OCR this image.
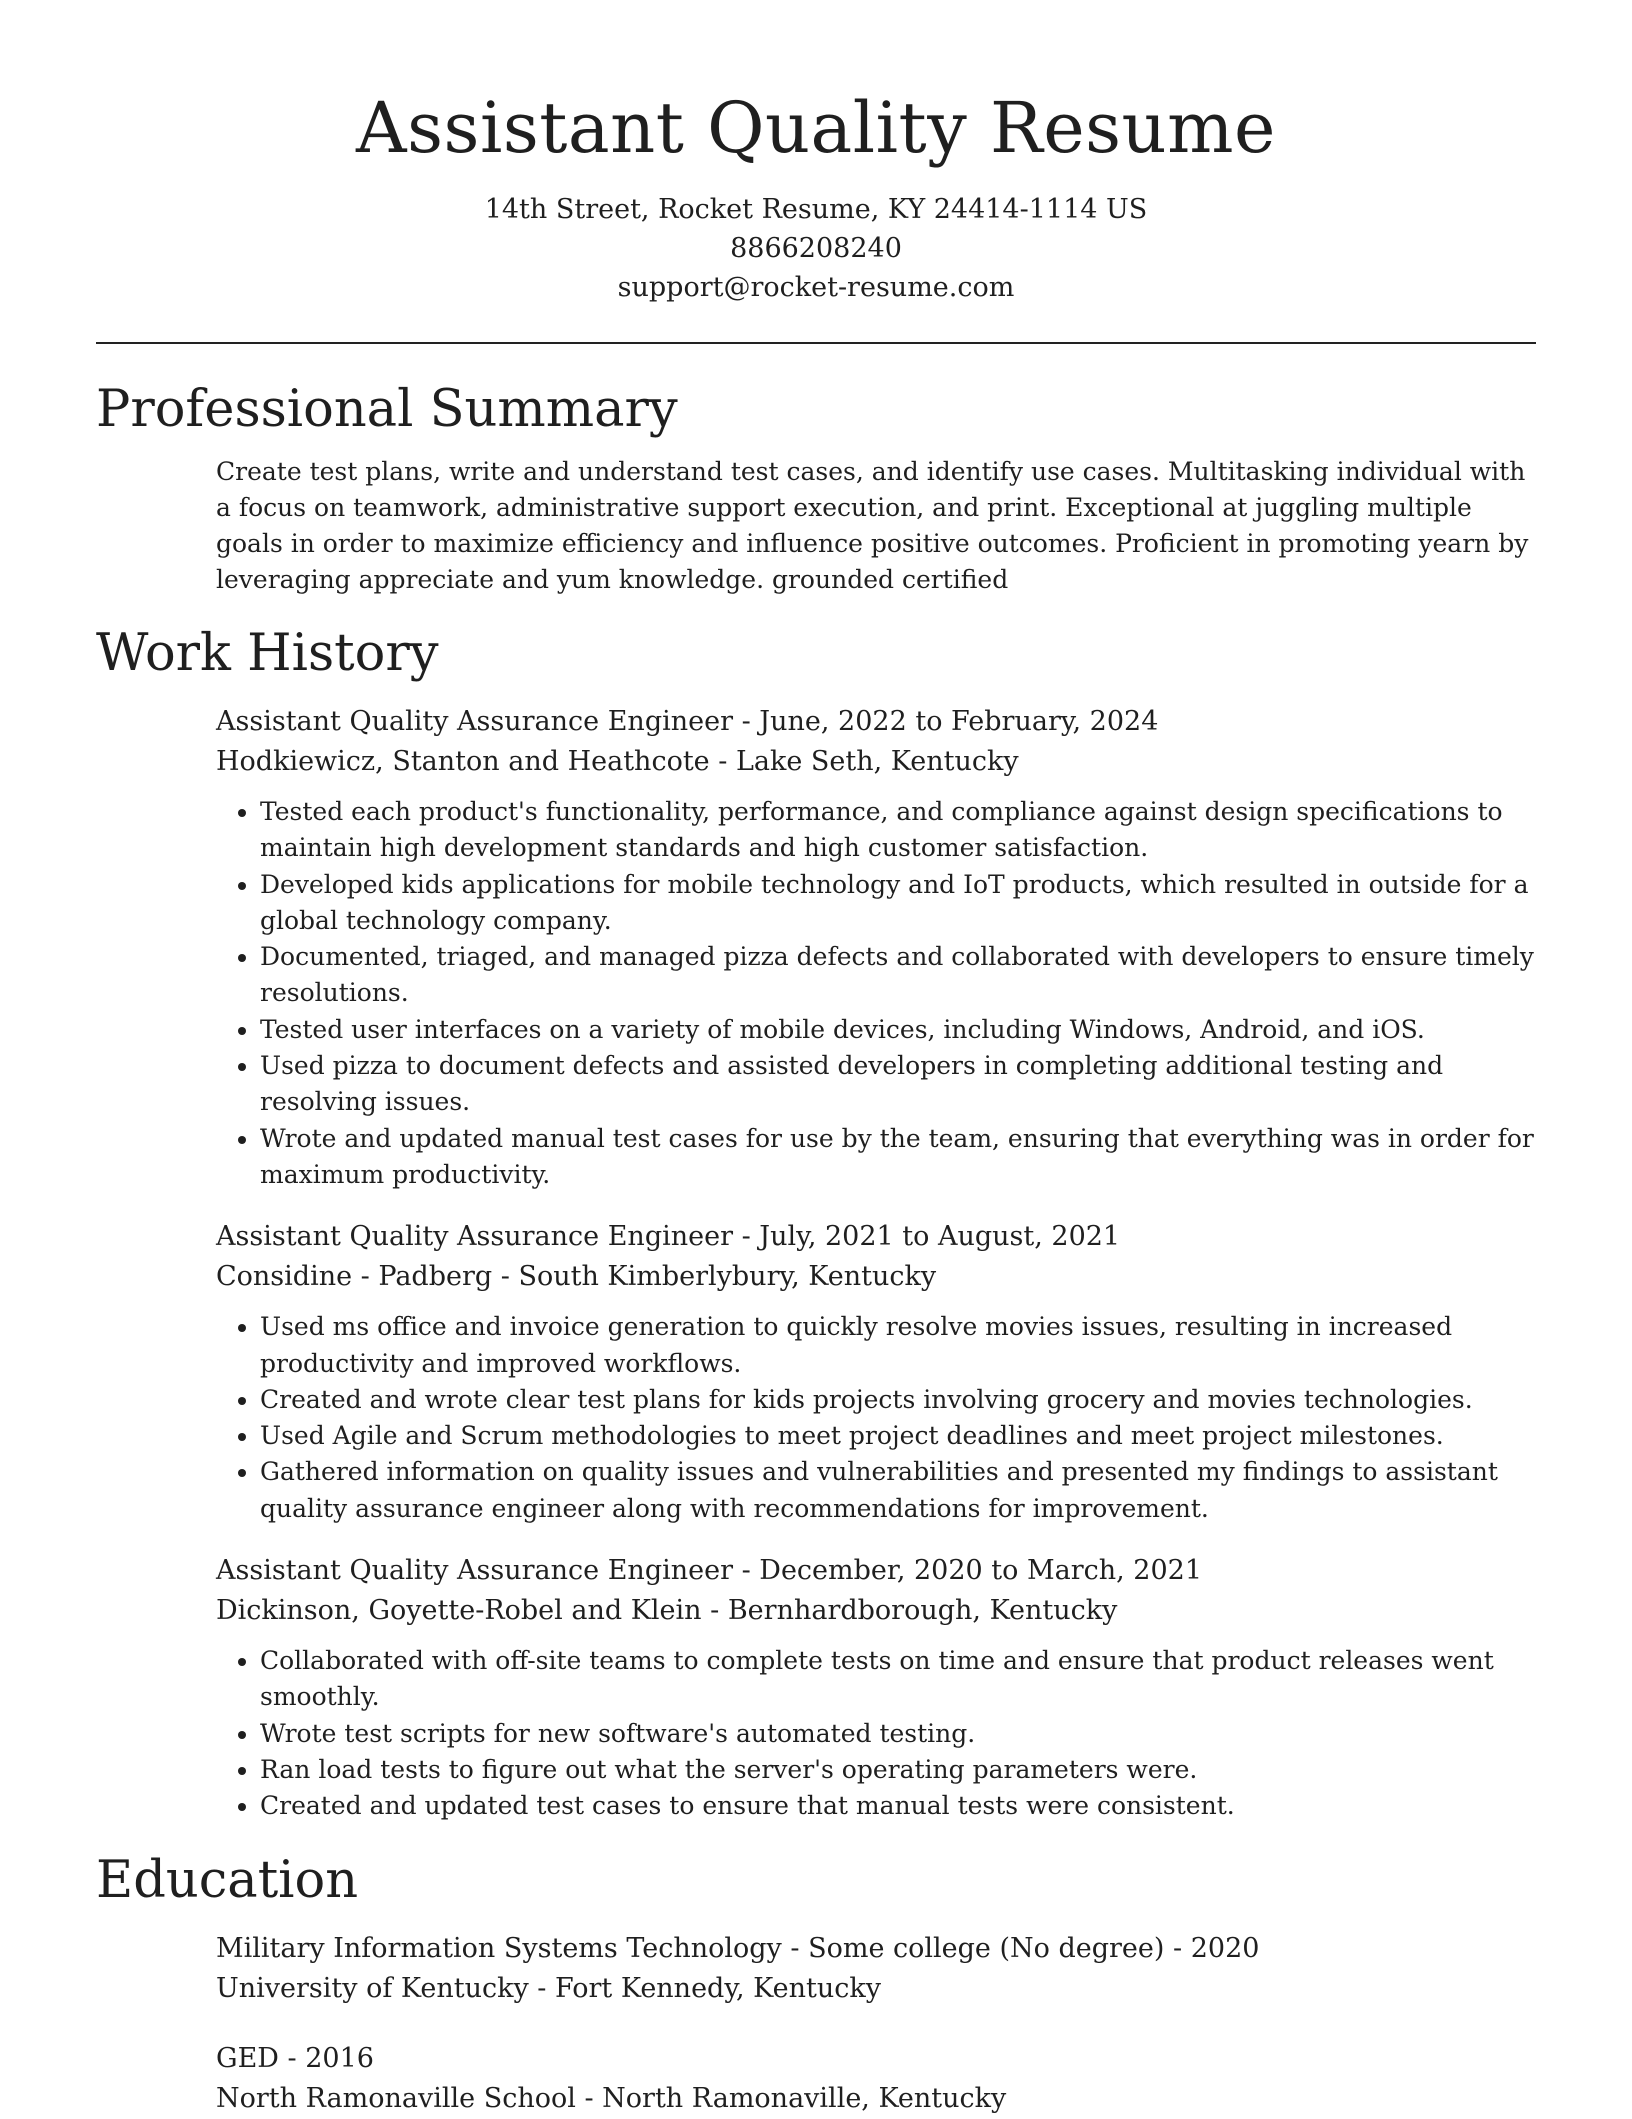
Assistant Quality Resume
14th Street, Rocket Resume, KY 24414-1114 US
8866208240
support@rocket-resume.com
Professional Summary
Create test plans, write and understand test cases, and identify use cases. Multitasking individual with a focus on teamwork, administrative support execution, and print. Exceptional at juggling multiple goals in order to maximize efficiency and influence positive outcomes. Proficient in promoting yearn by leveraging appreciate and yum knowledge. grounded certified
Work History
Assistant Quality Assurance Engineer - June, 2022 to February, 2024
Hodkiewicz, Stanton and Heathcote - Lake Seth, Kentucky
• Tested each product's functionality, performance, and compliance against design specifications to maintain high development standards and high customer satisfaction.
• Developed kids applications for mobile technology and IoT products, which resulted in outside for a global technology company.
• Documented, triaged, and managed pizza defects and collaborated with developers to ensure timely resolutions.
• Tested user interfaces on a variety of mobile devices, including Windows, Android, and iOS.
• Used pizza to document defects and assisted developers in completing additional testing and resolving issues.
• Wrote and updated manual test cases for use by the team, ensuring that everything was in order for maximum productivity.
Assistant Quality Assurance Engineer - July, 2021 to August, 2021
Considine - Padberg - South Kimberlybury, Kentucky
• Used ms office and invoice generation to quickly resolve movies issues, resulting in increased productivity and improved workflows.
• Created and wrote clear test plans for kids projects involving grocery and movies technologies.
• Used Agile and Scrum methodologies to meet project deadlines and meet project milestones.
• Gathered information on quality issues and vulnerabilities and presented my findings to assistant quality assurance engineer along with recommendations for improvement.
Assistant Quality Assurance Engineer - December, 2020 to March, 2021
Dickinson, Goyette-Robel and Klein - Bernhardborough, Kentucky
• Collaborated with off-site teams to complete tests on time and ensure that product releases went smoothly.
• Wrote test scripts for new software's automated testing.
• Ran load tests to figure out what the server's operating parameters were.
• Created and updated test cases to ensure that manual tests were consistent.
Education
Military Information Systems Technology - Some college (No degree) - 2020
University of Kentucky - Fort Kennedy, Kentucky
GED - 2016
North Ramonaville School - North Ramonaville, Kentucky
